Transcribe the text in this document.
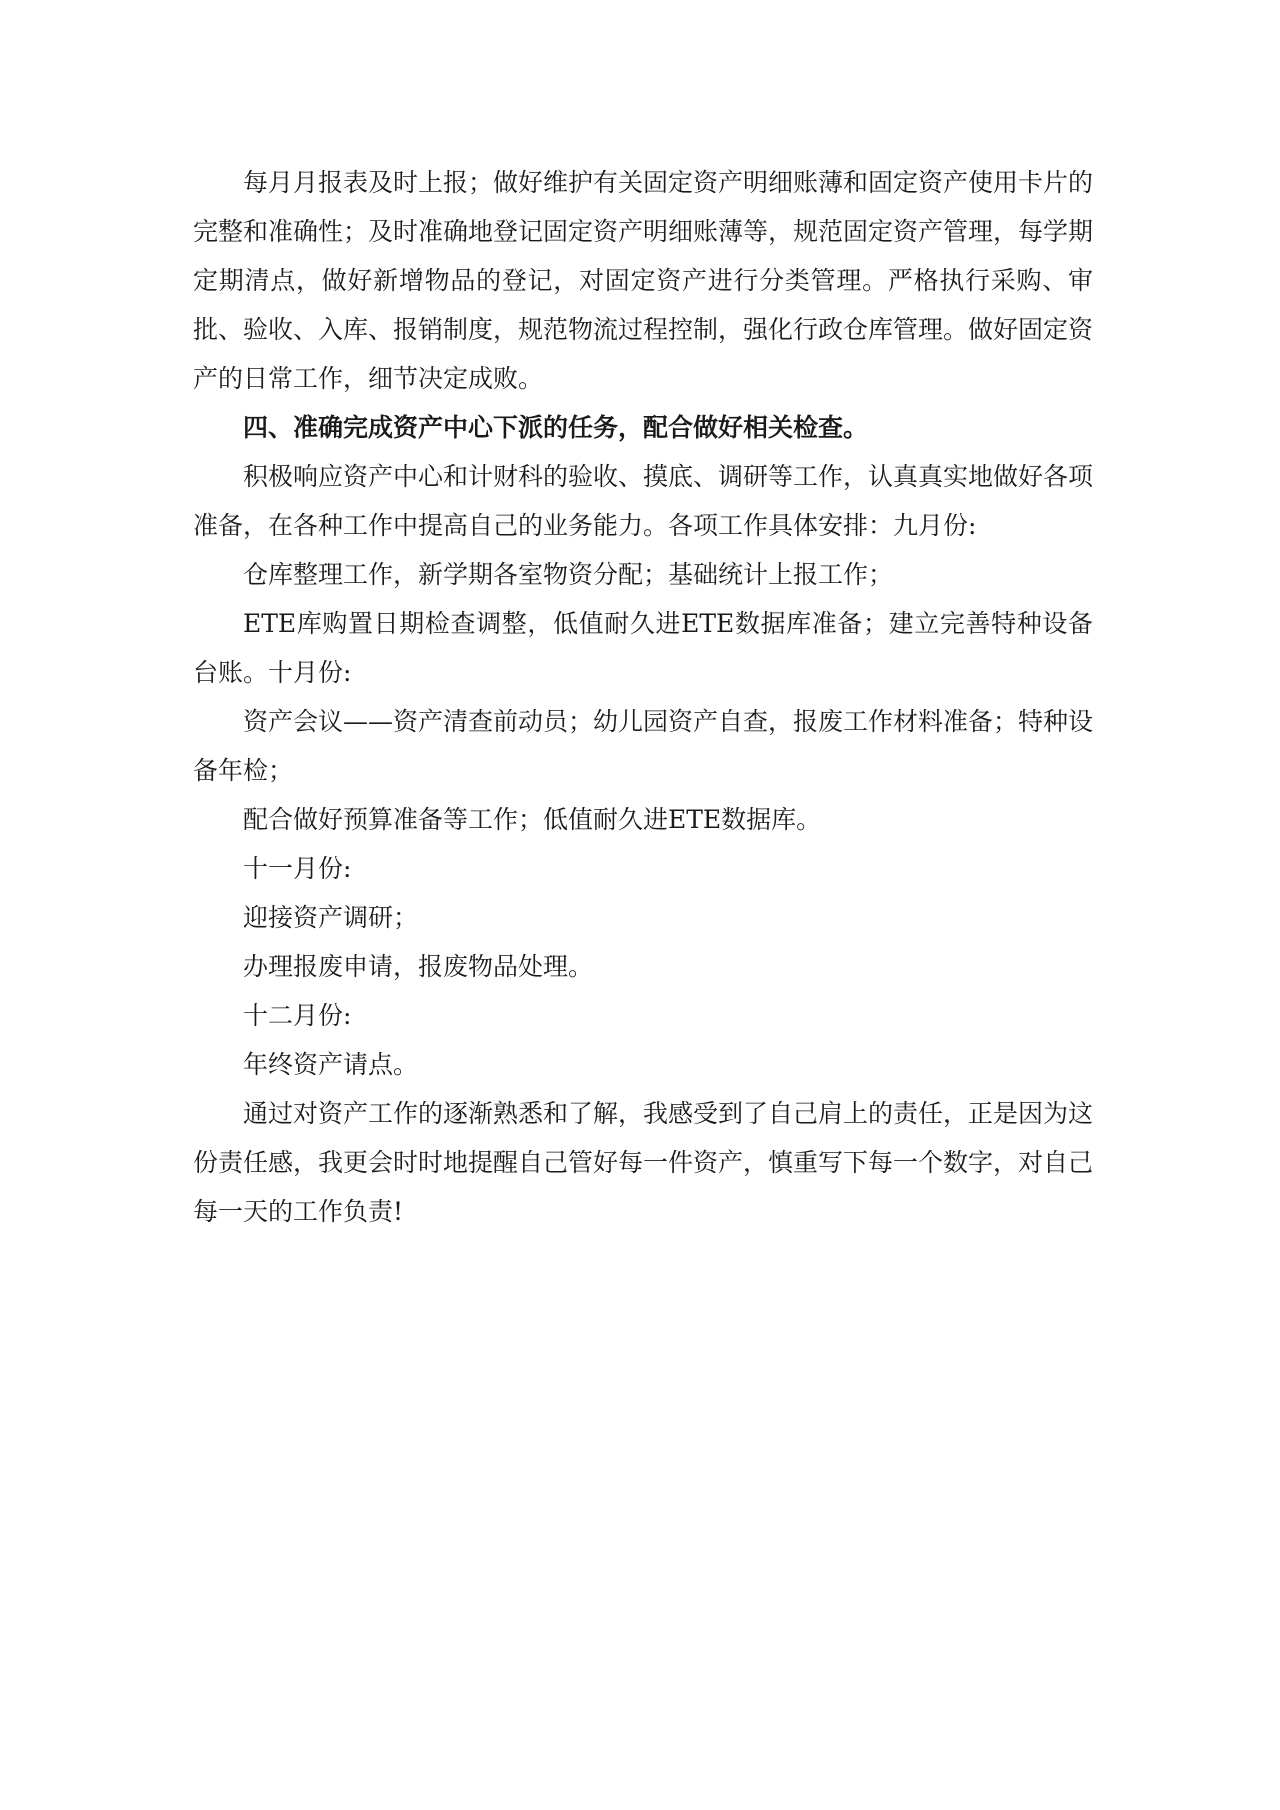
每月月报表及时上报；做好维护有关固定资产明细账薄和固定资产使用卡片的完整和准确性；及时准确地登记固定资产明细账薄等，规范固定资产管理，每学期定期清点，做好新增物品的登记，对固定资产进行分类管理。严格执行采购、审批、验收、入库、报销制度，规范物流过程控制，强化行政仓库管理。做好固定资产的日常工作，细节决定成败。

四、准确完成资产中心下派的任务，配合做好相关检查。

积极响应资产中心和计财科的验收、摸底、调研等工作，认真真实地做好各项准备，在各种工作中提高自己的业务能力。各项工作具体安排：九月份:

仓库整理工作，新学期各室物资分配；基础统计上报工作；

ETE库购置日期检查调整，低值耐久进ETE数据库准备；建立完善特种设备台账。十月份:

资产会议——资产清查前动员；幼儿园资产自查，报废工作材料准备；特种设备年检；

配合做好预算准备等工作；低值耐久进ETE数据库。

十一月份:

迎接资产调研；

办理报废申请，报废物品处理。

十二月份:

年终资产请点。

通过对资产工作的逐渐熟悉和了解，我感受到了自己肩上的责任，正是因为这份责任感，我更会时时地提醒自己管好每一件资产，慎重写下每一个数字，对自己每一天的工作负责!
